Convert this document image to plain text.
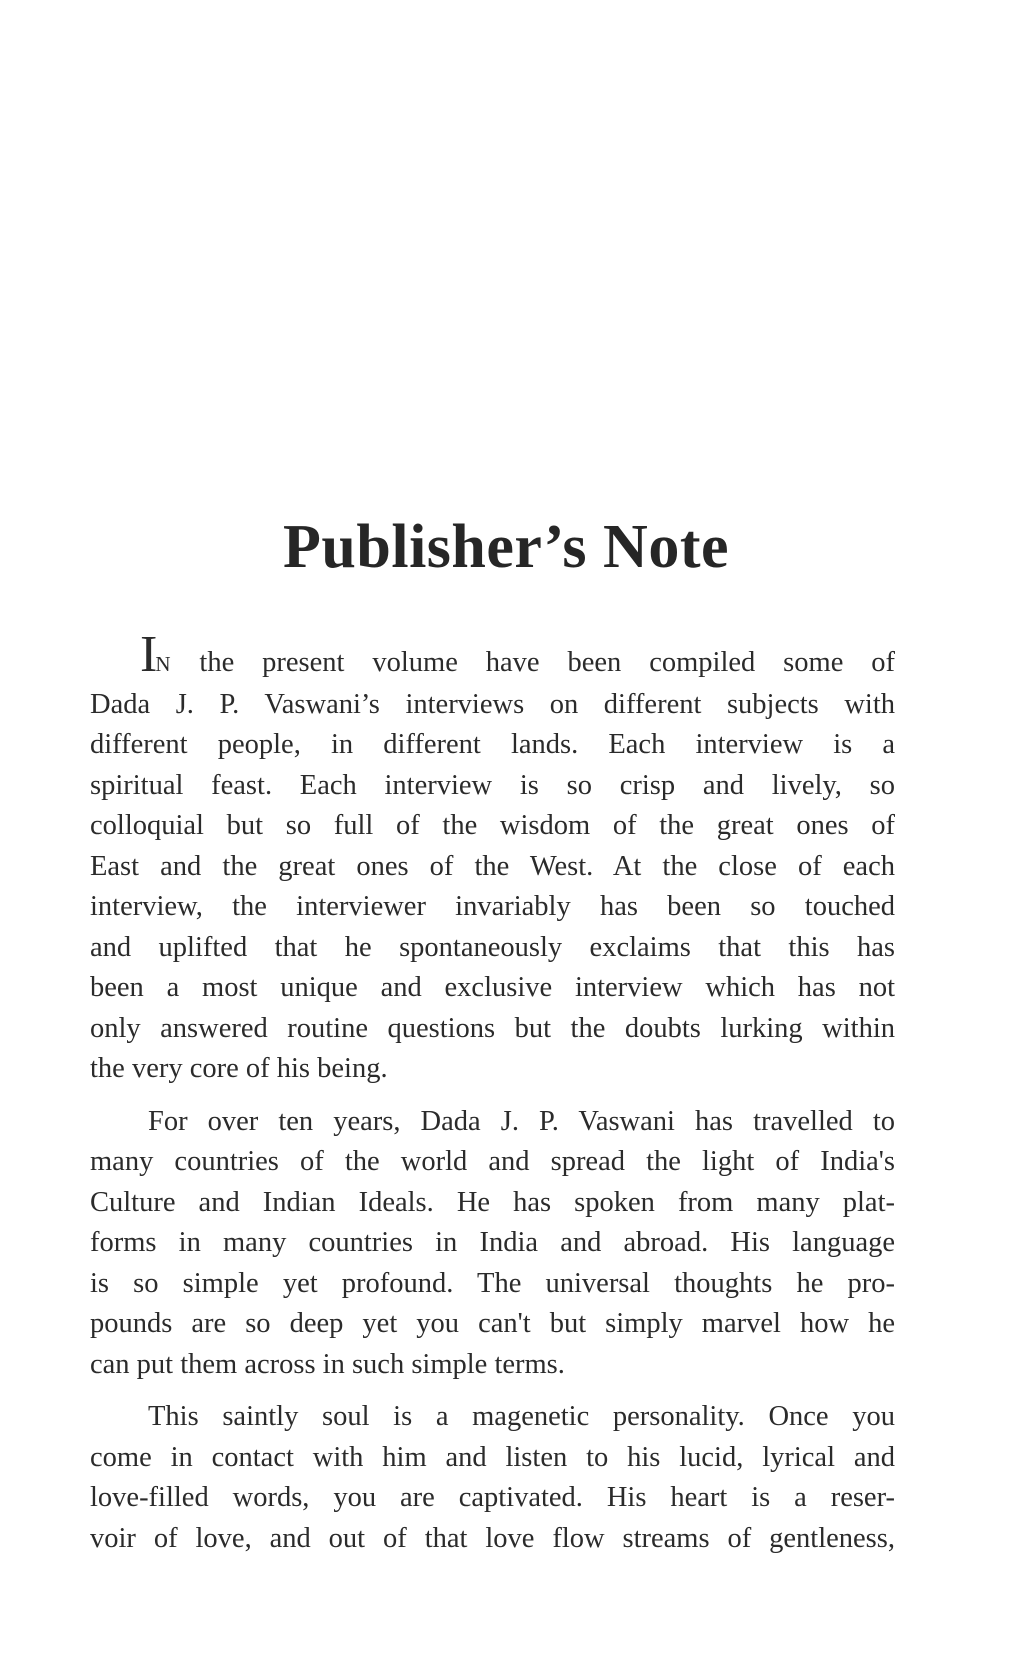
Publisher’s Note
IN the present volume have been compiled some of
Dada J. P. Vaswani’s interviews on different subjects with
different people, in different lands. Each interview is a
spiritual feast. Each interview is so crisp and lively, so
colloquial but so full of the wisdom of the great ones of
East and the great ones of the West. At the close of each
interview, the interviewer invariably has been so touched
and uplifted that he spontaneously exclaims that this has
been a most unique and exclusive interview which has not
only answered routine questions but the doubts lurking within
the very core of his being.
For over ten years, Dada J. P. Vaswani has travelled to
many countries of the world and spread the light of India's
Culture and Indian Ideals. He has spoken from many plat-
forms in many countries in India and abroad. His language
is so simple yet profound. The universal thoughts he pro-
pounds are so deep yet you can't but simply marvel how he
can put them across in such simple terms.
This saintly soul is a magenetic personality. Once you
come in contact with him and listen to his lucid, lyrical and
love-filled words, you are captivated. His heart is a reser-
voir of love, and out of that love flow streams of gentleness,
